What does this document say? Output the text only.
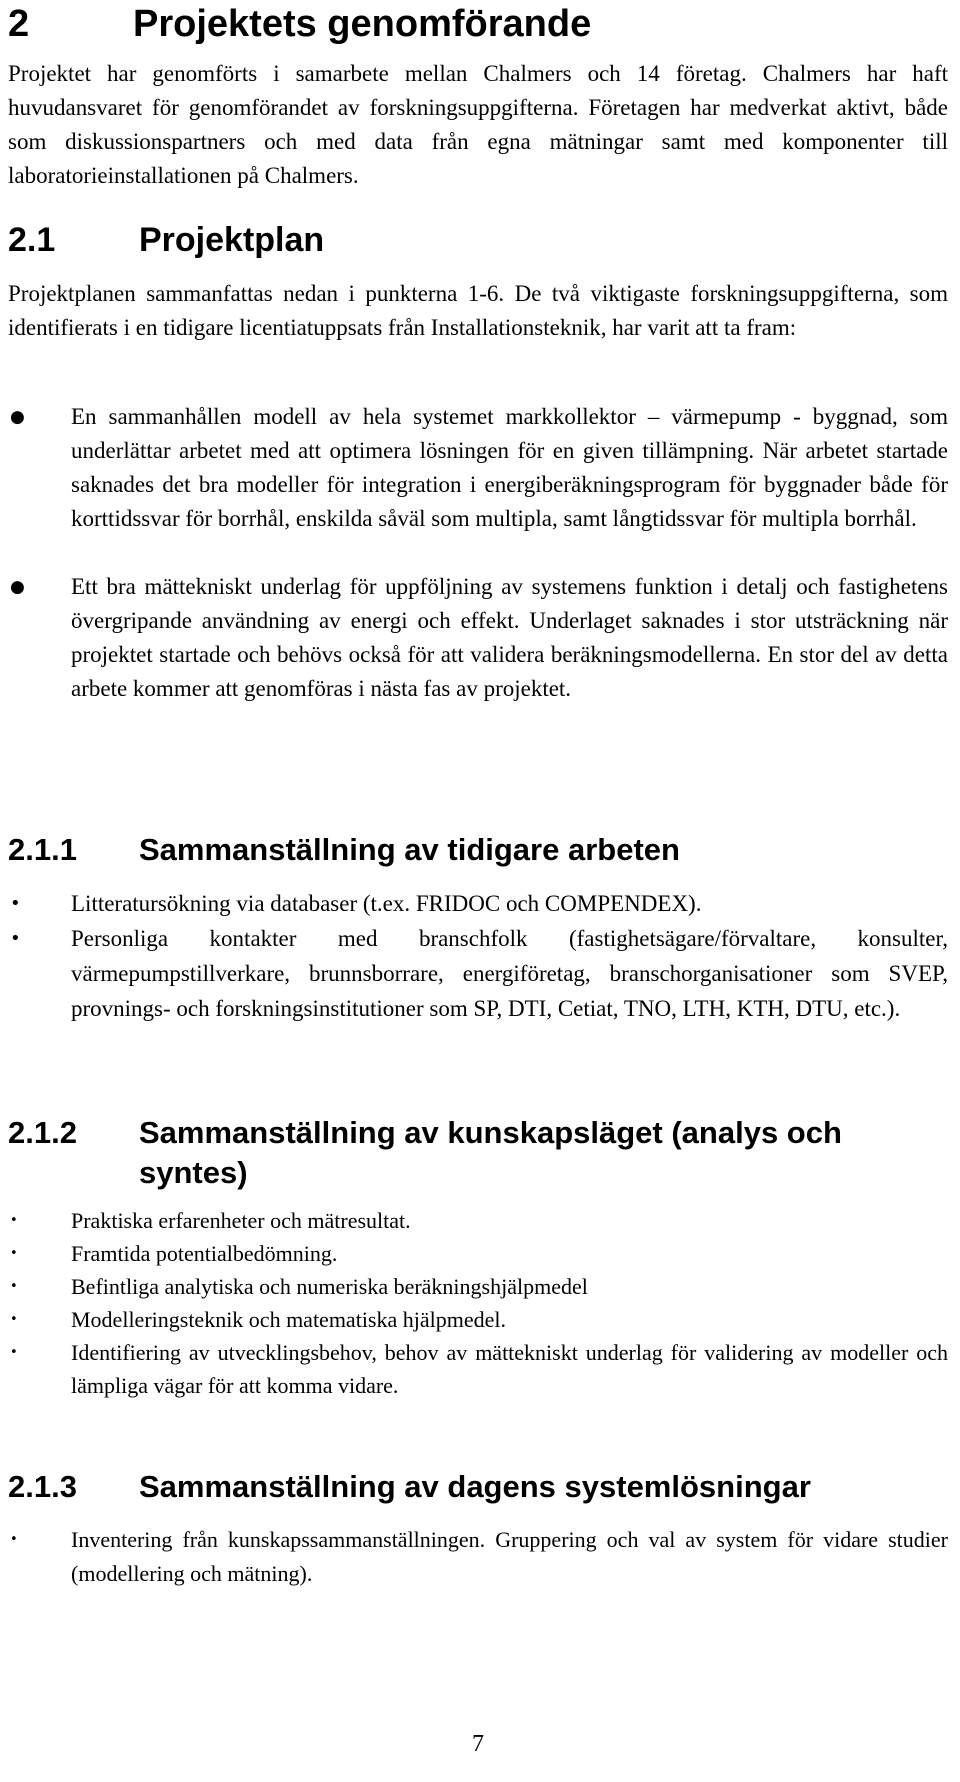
2	Projektets genomförande

Projektet har genomförts i samarbete mellan Chalmers och 14 företag. Chalmers har haft huvudansvaret för genomförandet av forskningsuppgifterna. Företagen har medverkat aktivt, både som diskussionspartners och med data från egna mätningar samt med komponenter till laboratorieinstallationen på Chalmers.

2.1	Projektplan

Projektplanen sammanfattas nedan i punkterna 1-6. De två viktigaste forskningsuppgifterna, som identifierats i en tidigare licentiatuppsats från Installationsteknik, har varit att ta fram:

● En sammanhållen modell av hela systemet markkollektor – värmepump - byggnad, som underlättar arbetet med att optimera lösningen för en given tillämpning. När arbetet startade saknades det bra modeller för integration i energiberäkningsprogram för byggnader både för korttidssvar för borrhål, enskilda såväl som multipla, samt långtidssvar för multipla borrhål.
● Ett bra mättekniskt underlag för uppföljning av systemens funktion i detalj och fastighetens övergripande användning av energi och effekt. Underlaget saknades i stor utsträckning när projektet startade och behövs också för att validera beräkningsmodellerna. En stor del av detta arbete kommer att genomföras i nästa fas av projektet.
2.1.1	Sammanställning av tidigare arbeten
• Litteratursökning via databaser (t.ex. FRIDOC och COMPENDEX).
• Personliga kontakter med branschfolk (fastighetsägare/förvaltare, konsulter, värmepumpstillverkare, brunnsborrare, energiföretag, branschorganisationer som SVEP, provnings- och forskningsinstitutioner som SP, DTI, Cetiat, TNO, LTH, KTH, DTU, etc.).
2.1.2	Sammanställning av kunskapsläget (analys och syntes)
• Praktiska erfarenheter och mätresultat.
• Framtida potentialbedömning.
• Befintliga analytiska och numeriska beräkningshjälpmedel
• Modelleringsteknik och matematiska hjälpmedel.
• Identifiering av utvecklingsbehov, behov av mättekniskt underlag för validering av modeller och lämpliga vägar för att komma vidare.
2.1.3	Sammanställning av dagens systemlösningar
• Inventering från kunskapssammanställningen. Gruppering och val av system för vidare studier (modellering och mätning).
7
